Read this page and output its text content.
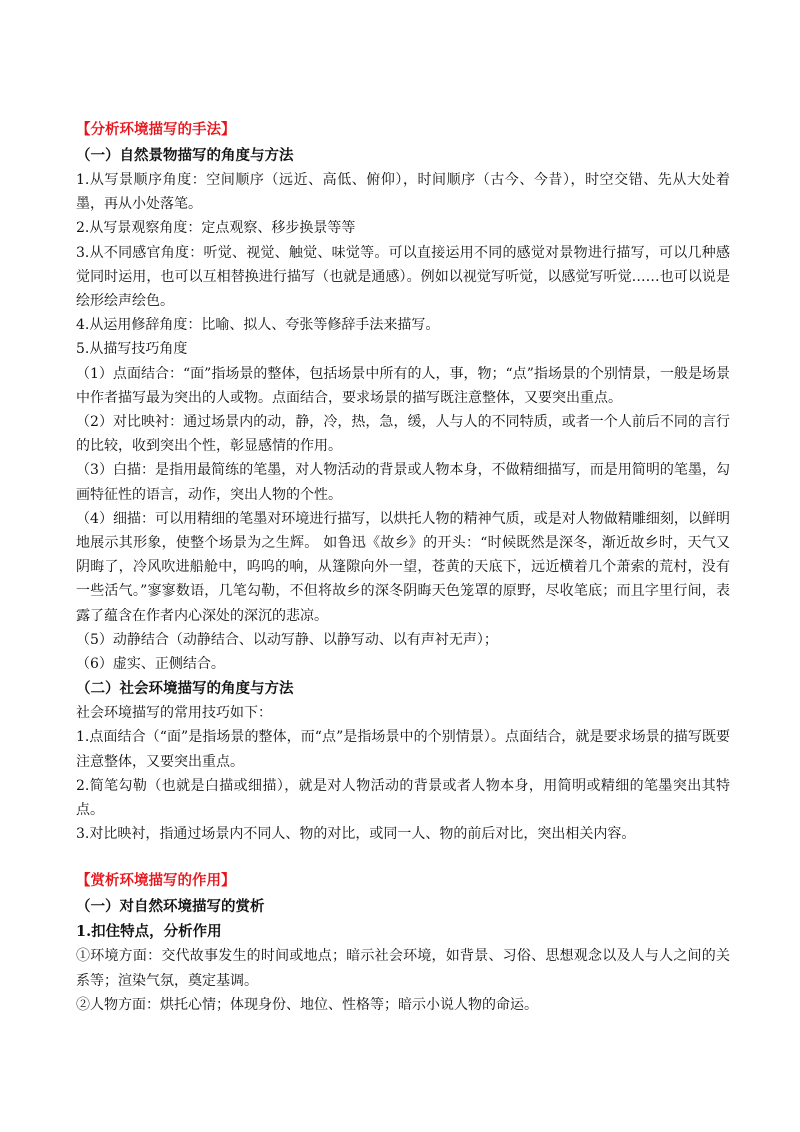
【分析环境描写的手法】

（一）自然景物描写的角度与方法

1.从写景顺序角度：空间顺序（远近、高低、俯仰），时间顺序（古今、今昔），时空交错、先从大处着墨，再从小处落笔。

2.从写景观察角度：定点观察、移步换景等等

3.从不同感官角度：听觉、视觉、触觉、味觉等。可以直接运用不同的感觉对景物进行描写，可以几种感觉同时运用，也可以互相替换进行描写（也就是通感）。例如以视觉写听觉，以感觉写听觉……也可以说是绘形绘声绘色。

4.从运用修辞角度：比喻、拟人、夸张等修辞手法来描写。

5.从描写技巧角度

（1）点面结合：“面”指场景的整体，包括场景中所有的人，事，物；“点”指场景的个别情景，一般是场景中作者描写最为突出的人或物。点面结合，要求场景的描写既注意整体，又要突出重点。

（2）对比映衬：通过场景内的动，静，冷，热，急，缓，人与人的不同特质，或者一个人前后不同的言行的比较，收到突出个性，彰显感情的作用。

（3）白描：是指用最简练的笔墨，对人物活动的背景或人物本身，不做精细描写，而是用简明的笔墨，勾画特征性的语言，动作，突出人物的个性。

（4）细描：可以用精细的笔墨对环境进行描写，以烘托人物的精神气质，或是对人物做精雕细刻，以鲜明地展示其形象，使整个场景为之生辉。 如鲁迅《故乡》的开头：“时候既然是深冬，渐近故乡时，天气又阴晦了，冷风吹进船舱中，呜呜的响，从篷隙向外一望，苍黄的天底下，远近横着几个萧索的荒村，没有一些活气。”寥寥数语，几笔勾勒，不但将故乡的深冬阴晦天色笼罩的原野，尽收笔底；而且字里行间，表露了蕴含在作者内心深处的深沉的悲凉。

（5）动静结合（动静结合、以动写静、以静写动、以有声衬无声）；

（6）虚实、正侧结合。

（二）社会环境描写的角度与方法

社会环境描写的常用技巧如下：

1.点面结合（“面”是指场景的整体，而“点”是指场景中的个别情景）。点面结合，就是要求场景的描写既要注意整体，又要突出重点。

2.简笔勾勒（也就是白描或细描），就是对人物活动的背景或者人物本身，用简明或精细的笔墨突出其特点。

3.对比映衬，指通过场景内不同人、物的对比，或同一人、物的前后对比，突出相关内容。

【赏析环境描写的作用】

（一）对自然环境描写的赏析

1.扣住特点，分析作用

①环境方面：交代故事发生的时间或地点；暗示社会环境，如背景、习俗、思想观念以及人与人之间的关系等；渲染气氛，奠定基调。

②人物方面：烘托心情；体现身份、地位、性格等；暗示小说人物的命运。
